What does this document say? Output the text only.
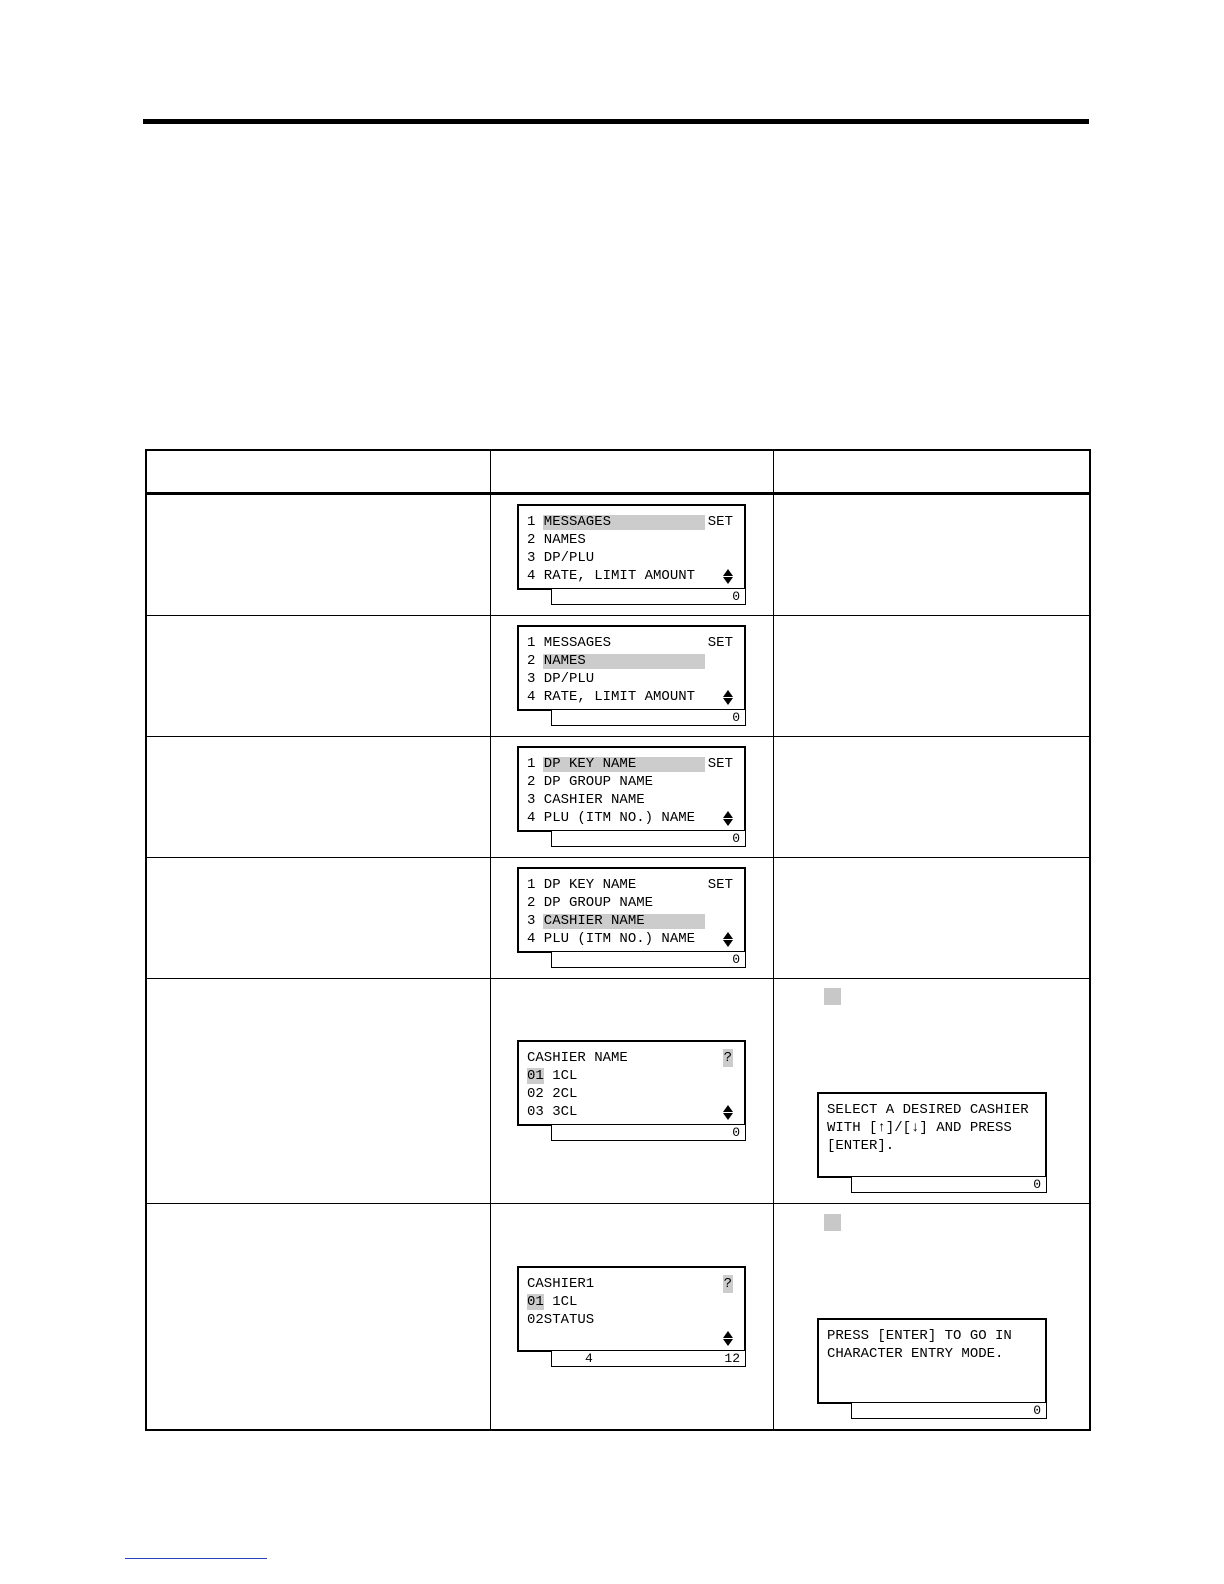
1 MESSAGES	SET
2 NAMES
3 DP/PLU
4 RATE, LIMIT AMOUNT
0
1 MESSAGES	SET
2 NAMES
3 DP/PLU
4 RATE, LIMIT AMOUNT
0
1 DP KEY NAME	SET
2 DP GROUP NAME
3 CASHIER NAME
4 PLU (ITM NO.) NAME
0
1 DP KEY NAME	SET
2 DP GROUP NAME
3 CASHIER NAME
4 PLU (ITM NO.) NAME
0
CASHIER NAME	?
01 1CL
02 2CL
03 3CL
0
SELECT A DESIRED CASHIER
WITH [↑]/[↓] AND PRESS
[ENTER].
0
CASHIER1	?
01 1CL
02STATUS
4	12
PRESS [ENTER] TO GO IN
CHARACTER ENTRY MODE.
0
